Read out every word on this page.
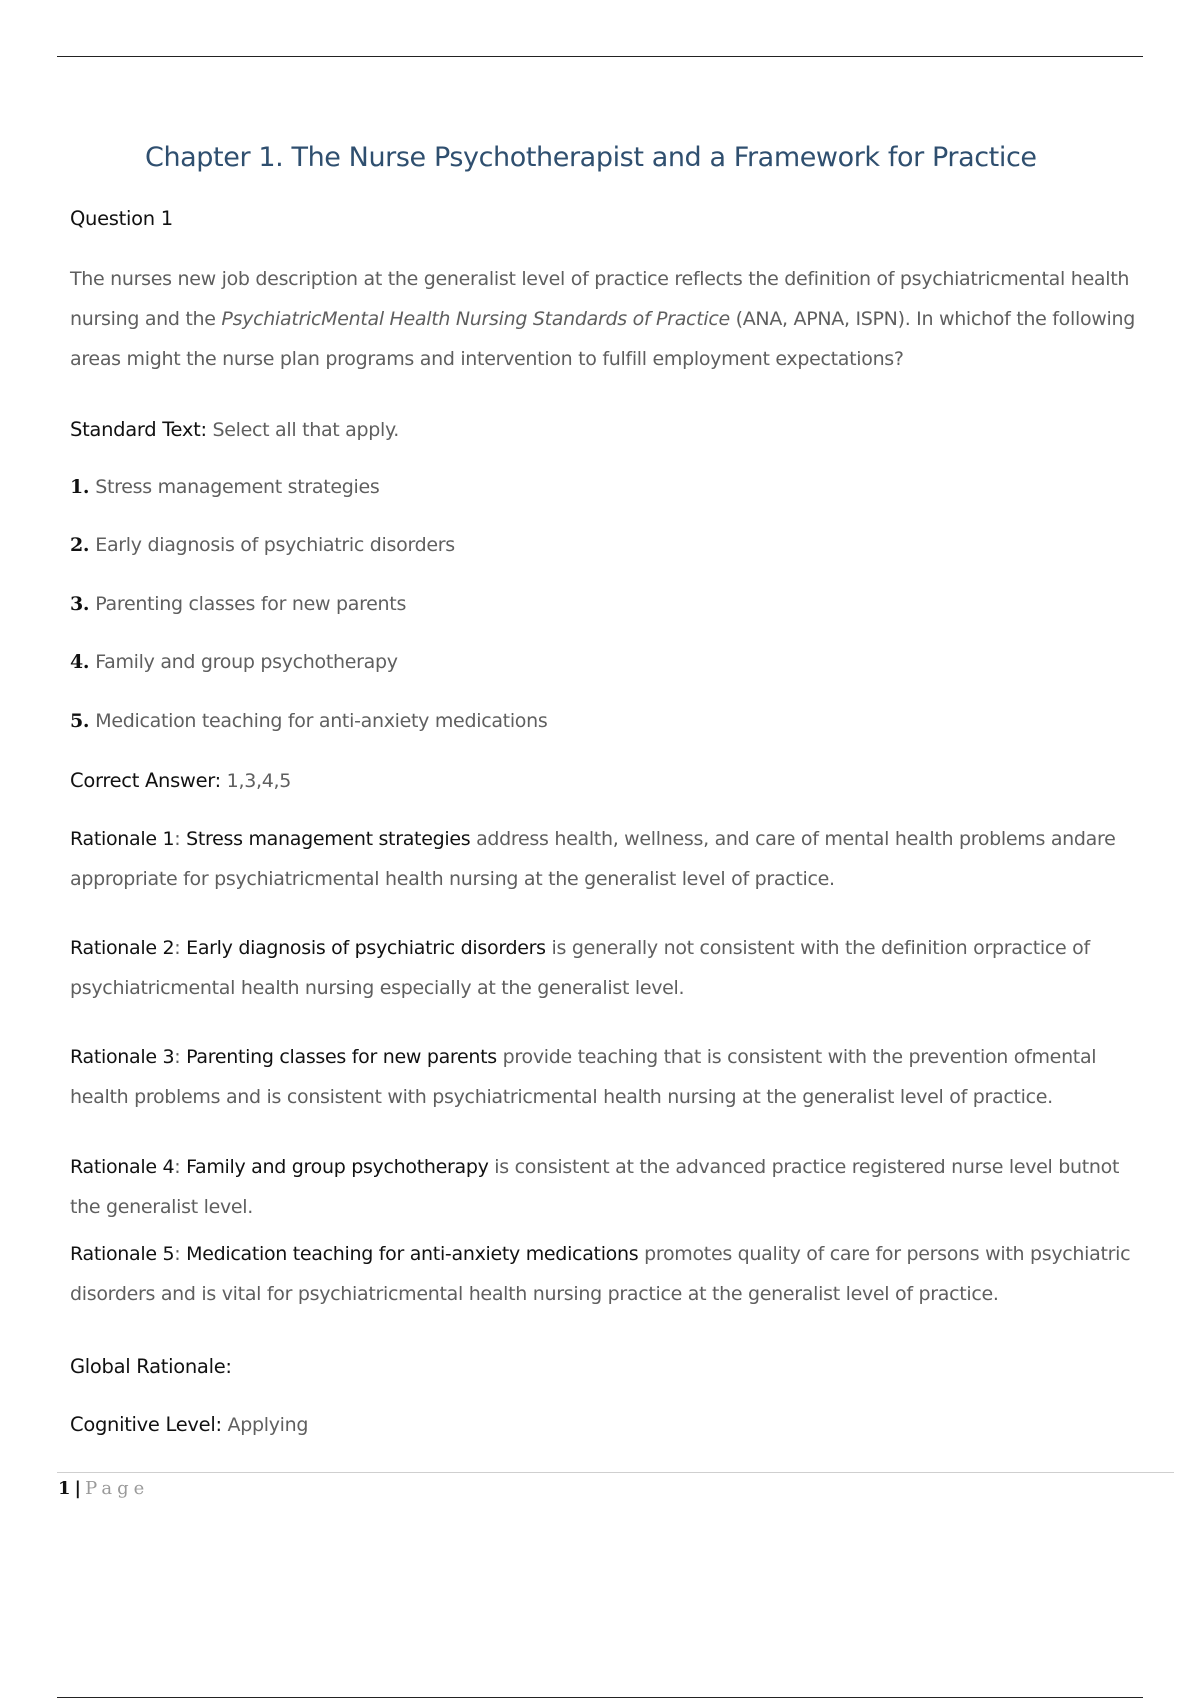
Chapter 1. The Nurse Psychotherapist and a Framework for Practice

Question 1

The nurses new job description at the generalist level of practice reflects the definition of psychiatricmental health nursing and the PsychiatricMental Health Nursing Standards of Practice (ANA, APNA, ISPN). In whichof the following areas might the nurse plan programs and intervention to fulfill employment expectations?

Standard Text: Select all that apply.

1. Stress management strategies

2. Early diagnosis of psychiatric disorders

3. Parenting classes for new parents

4. Family and group psychotherapy

5. Medication teaching for anti-anxiety medications

Correct Answer: 1,3,4,5

Rationale 1: Stress management strategies address health, wellness, and care of mental health problems andare appropriate for psychiatricmental health nursing at the generalist level of practice.

Rationale 2: Early diagnosis of psychiatric disorders is generally not consistent with the definition orpractice of psychiatricmental health nursing especially at the generalist level.

Rationale 3: Parenting classes for new parents provide teaching that is consistent with the prevention ofmental health problems and is consistent with psychiatricmental health nursing at the generalist level of practice.

Rationale 4: Family and group psychotherapy is consistent at the advanced practice registered nurse level butnot the generalist level.

Rationale 5: Medication teaching for anti-anxiety medications promotes quality of care for persons with psychiatric disorders and is vital for psychiatricmental health nursing practice at the generalist level of practice.

Global Rationale:

Cognitive Level: Applying

1 | Page
